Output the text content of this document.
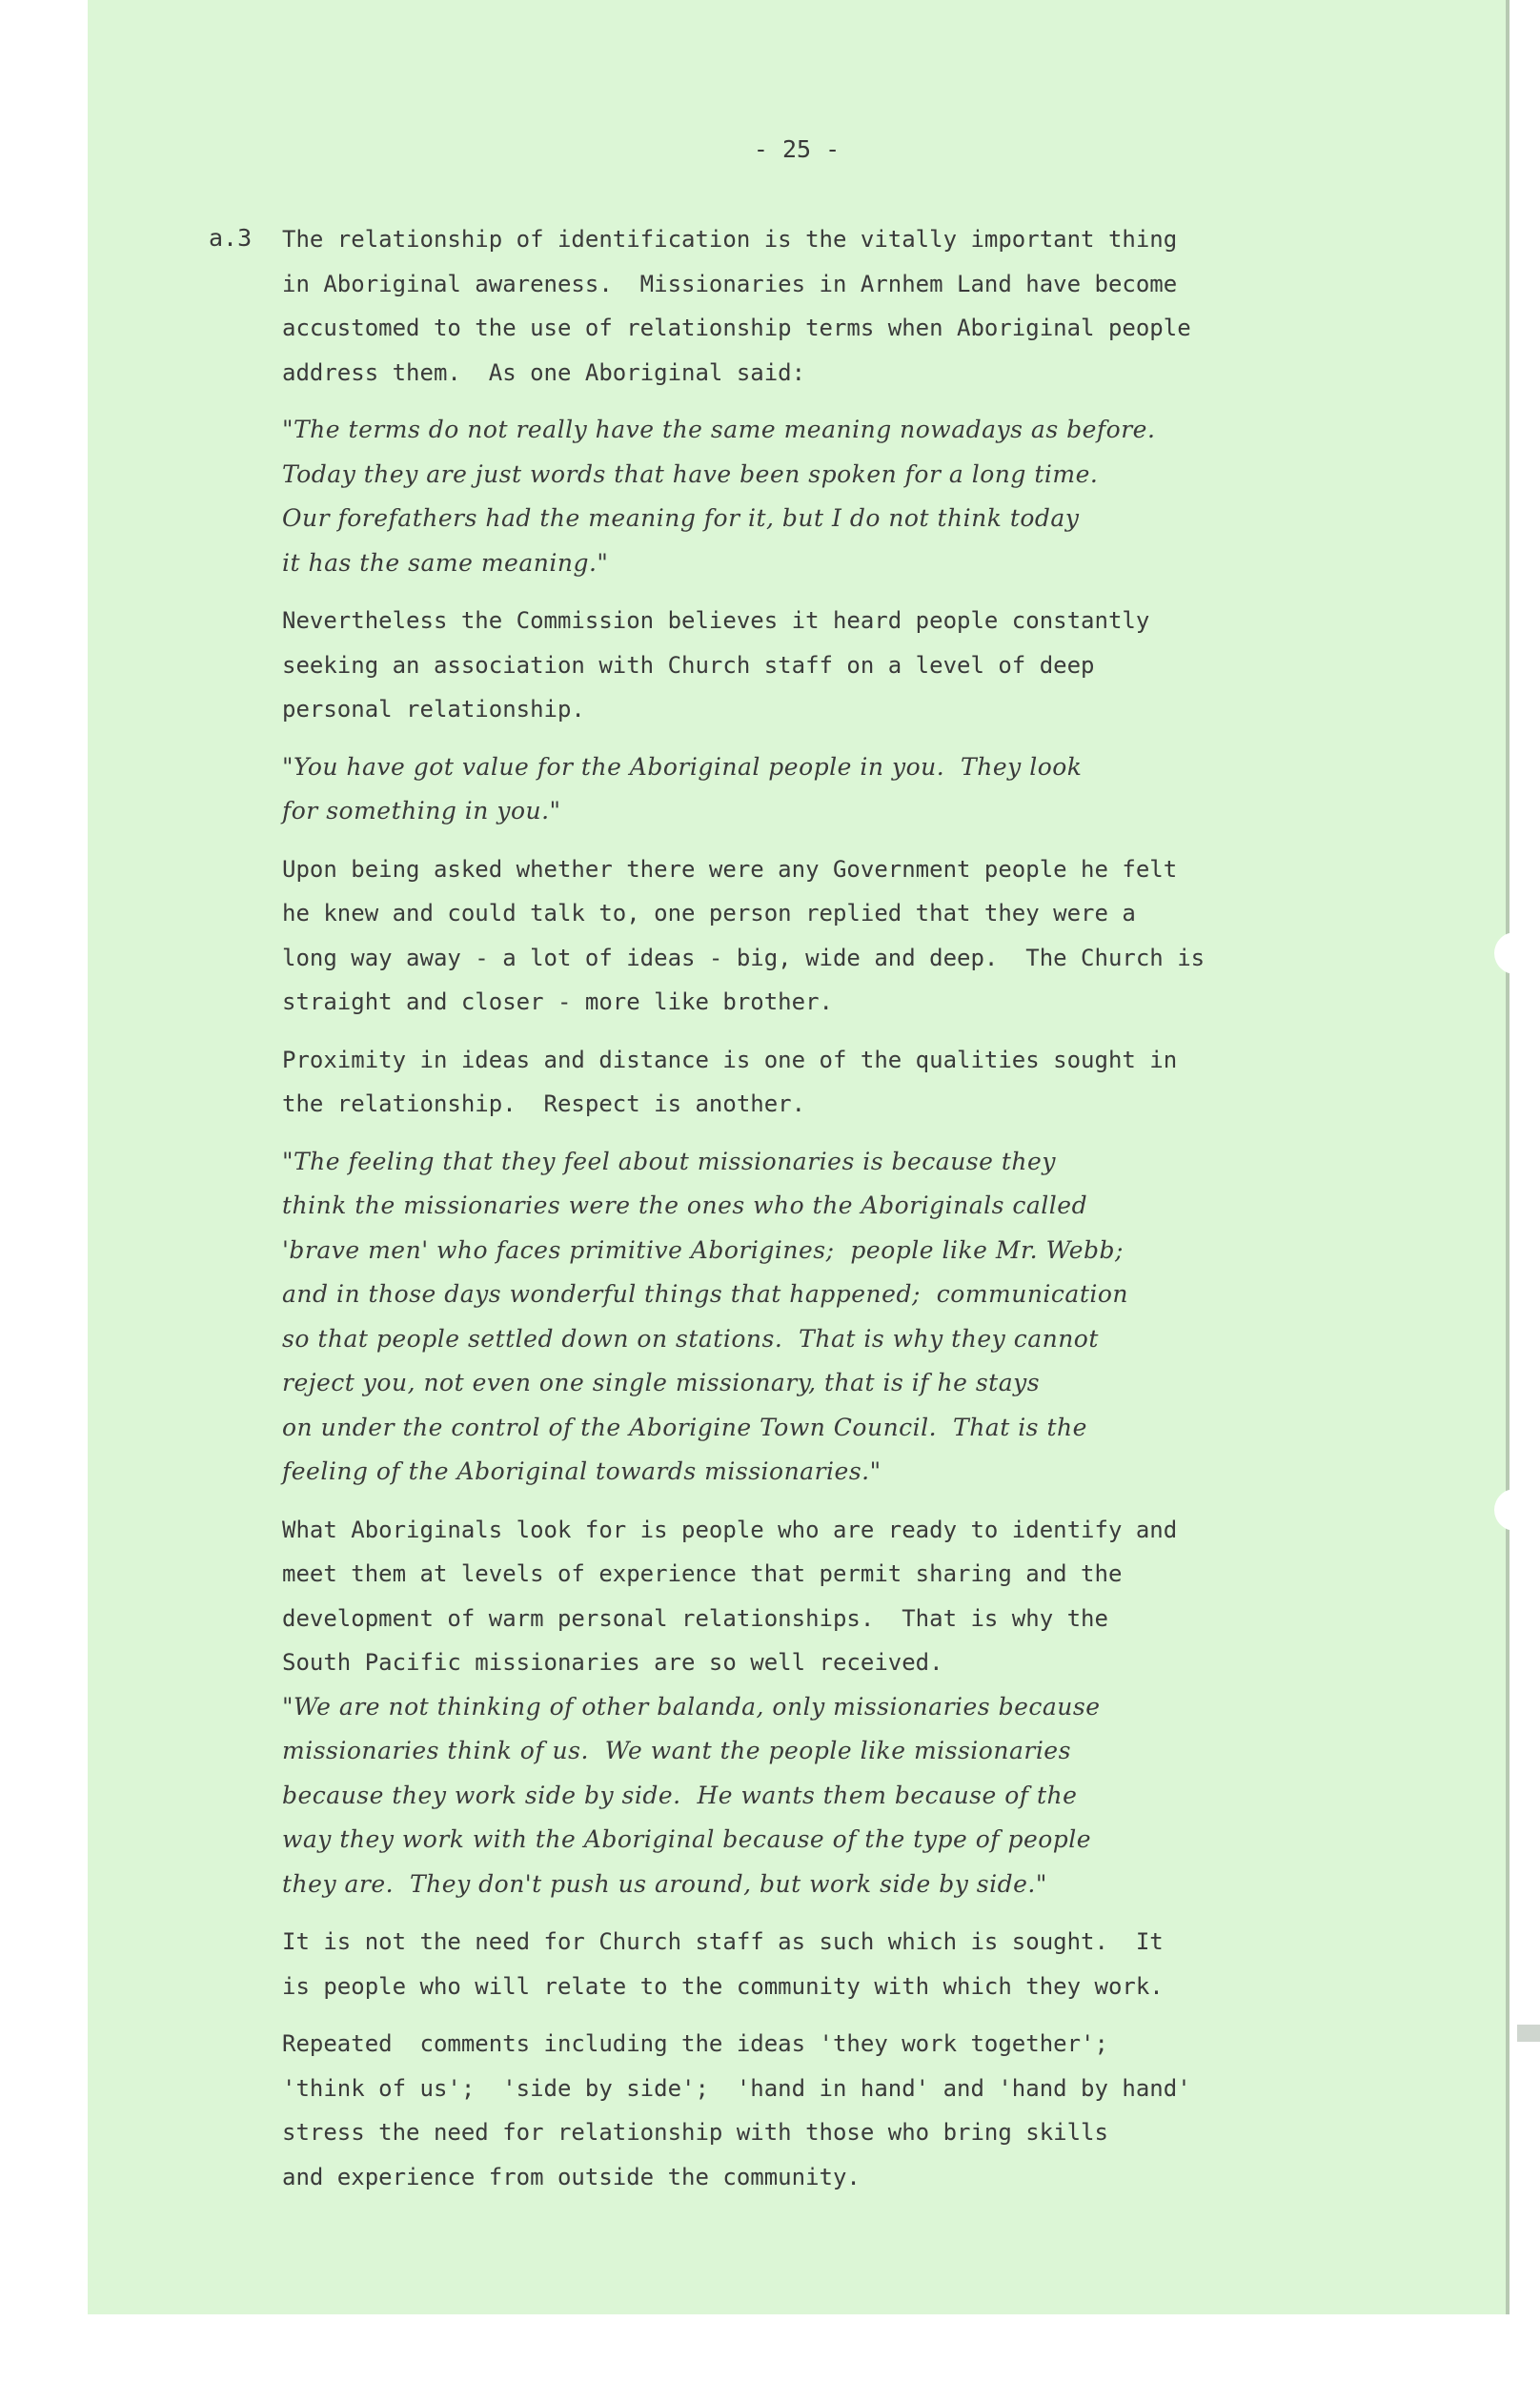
- 25 -
a.3 The relationship of identification is the vitally important thing
in Aboriginal awareness.  Missionaries in Arnhem Land have become
accustomed to the use of relationship terms when Aboriginal people
address them.  As one Aboriginal said:
"The terms do not really have the same meaning nowadays as before.
Today they are just words that have been spoken for a long time.
Our forefathers had the meaning for it, but I do not think today
it has the same meaning."
Nevertheless the Commission believes it heard people constantly
seeking an association with Church staff on a level of deep
personal relationship.
"You have got value for the Aboriginal people in you.  They look
for something in you."
Upon being asked whether there were any Government people he felt
he knew and could talk to, one person replied that they were a
long way away - a lot of ideas - big, wide and deep.  The Church is
straight and closer - more like brother.
Proximity in ideas and distance is one of the qualities sought in
the relationship.  Respect is another.
"The feeling that they feel about missionaries is because they
think the missionaries were the ones who the Aboriginals called
'brave men' who faces primitive Aborigines;  people like Mr. Webb;
and in those days wonderful things that happened;  communication
so that people settled down on stations.  That is why they cannot
reject you, not even one single missionary, that is if he stays
on under the control of the Aborigine Town Council.  That is the
feeling of the Aboriginal towards missionaries."
What Aboriginals look for is people who are ready to identify and
meet them at levels of experience that permit sharing and the
development of warm personal relationships.  That is why the
South Pacific missionaries are so well received.
"We are not thinking of other balanda, only missionaries because
missionaries think of us.  We want the people like missionaries
because they work side by side.  He wants them because of the
way they work with the Aboriginal because of the type of people
they are.  They don't push us around, but work side by side."
It is not the need for Church staff as such which is sought.  It
is people who will relate to the community with which they work.
Repeated  comments including the ideas 'they work together';
'think of us';  'side by side';  'hand in hand' and 'hand by hand'
stress the need for relationship with those who bring skills
and experience from outside the community.
